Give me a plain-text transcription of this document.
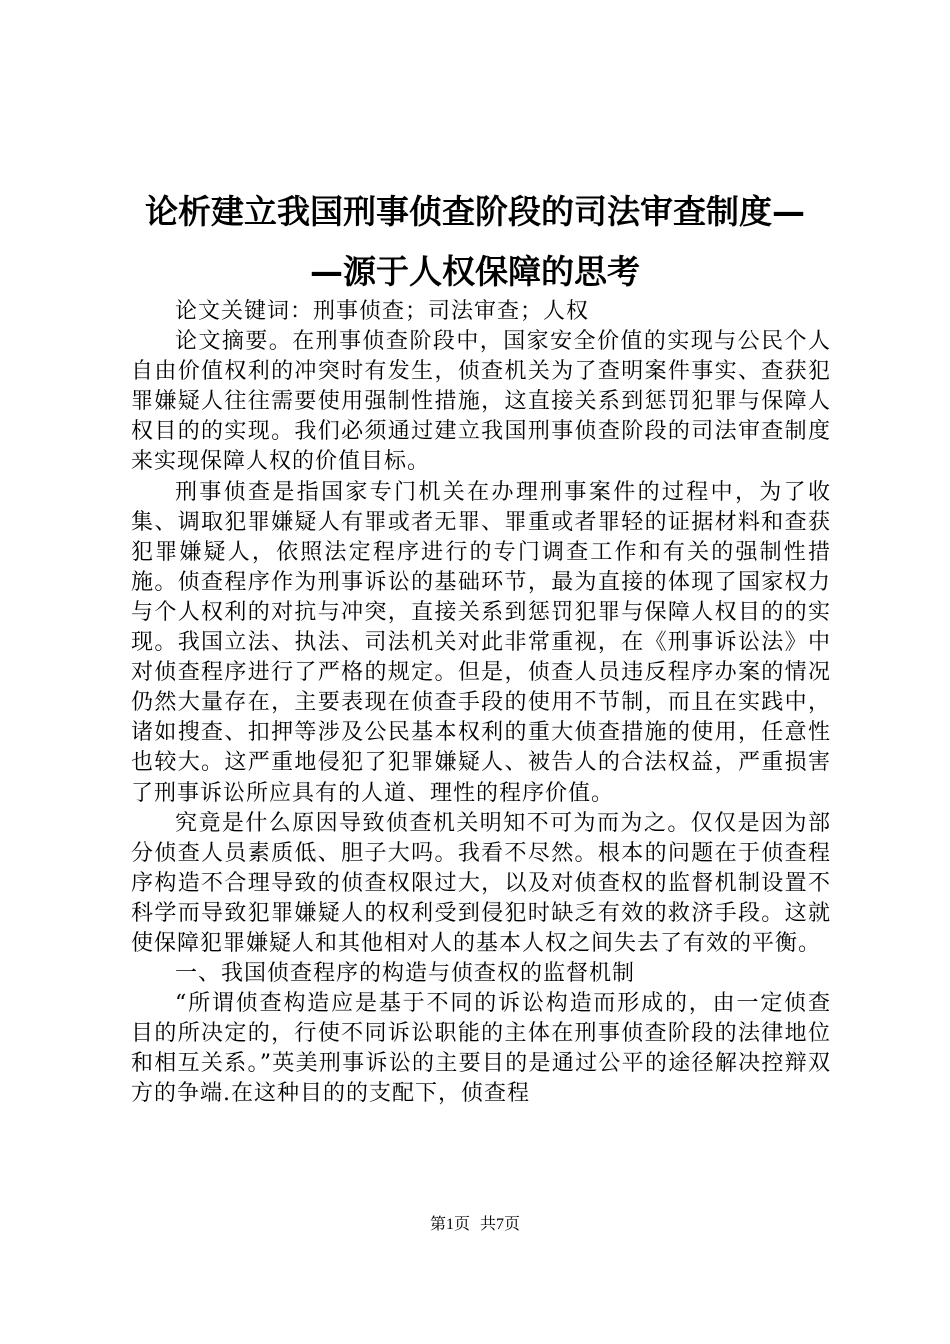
论析建立我国刑事侦查阶段的司法审查制度—
—源于人权保障的思考

论文关键词：刑事侦查；司法审查；人权

论文摘要。在刑事侦查阶段中，国家安全价值的实现与公民个人自由价值权利的冲突时有发生，侦查机关为了查明案件事实、查获犯罪嫌疑人往往需要使用强制性措施，这直接关系到惩罚犯罪与保障人权目的的实现。我们必须通过建立我国刑事侦查阶段的司法审查制度来实现保障人权的价值目标。

刑事侦查是指国家专门机关在办理刑事案件的过程中，为了收集、调取犯罪嫌疑人有罪或者无罪、罪重或者罪轻的证据材料和查获犯罪嫌疑人，依照法定程序进行的专门调查工作和有关的强制性措施。侦查程序作为刑事诉讼的基础环节，最为直接的体现了国家权力与个人权利的对抗与冲突，直接关系到惩罚犯罪与保障人权目的的实现。我国立法、执法、司法机关对此非常重视，在《刑事诉讼法》中对侦查程序进行了严格的规定。但是，侦查人员违反程序办案的情况仍然大量存在，主要表现在侦查手段的使用不节制，而且在实践中，诸如搜查、扣押等涉及公民基本权利的重大侦查措施的使用，任意性也较大。这严重地侵犯了犯罪嫌疑人、被告人的合法权益，严重损害了刑事诉讼所应具有的人道、理性的程序价值。

究竟是什么原因导致侦查机关明知不可为而为之。仅仅是因为部分侦查人员素质低、胆子大吗。我看不尽然。根本的问题在于侦查程序构造不合理导致的侦查权限过大，以及对侦查权的监督机制设置不科学而导致犯罪嫌疑人的权利受到侵犯时缺乏有效的救济手段。这就使保障犯罪嫌疑人和其他相对人的基本人权之间失去了有效的平衡。

一、我国侦查程序的构造与侦查权的监督机制

“所谓侦查构造应是基于不同的诉讼构造而形成的，由一定侦查目的所决定的，行使不同诉讼职能的主体在刑事侦查阶段的法律地位和相互关系。”英美刑事诉讼的主要目的是通过公平的途径解决控辩双方的争端.在这种目的的支配下，侦查程

第1页 共7页
